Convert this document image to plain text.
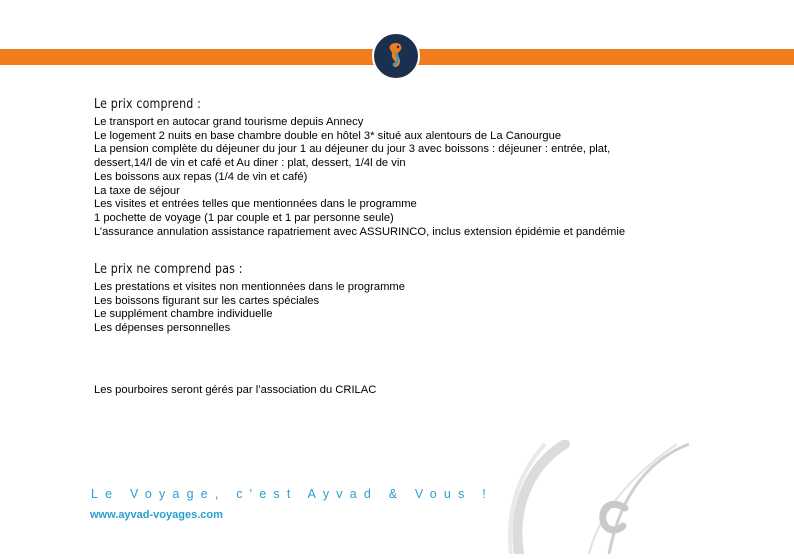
Le prix comprend :
Le transport en autocar grand tourisme depuis Annecy
Le logement 2 nuits en base chambre double en hôtel 3* situé aux alentours de La Canourgue
La pension complète du déjeuner du jour 1 au déjeuner du jour 3 avec boissons : déjeuner : entrée, plat,
dessert,14/l de vin et café et Au diner : plat, dessert, 1/4l de vin
Les boissons aux repas (1/4 de vin et café)
La taxe de séjour
Les visites et entrées telles que mentionnées dans le programme
1 pochette de voyage (1 par couple et 1 par personne seule)
L’assurance annulation assistance rapatriement avec ASSURINCO, inclus extension épidémie et pandémie
Le prix ne comprend pas :
Les prestations et visites non mentionnées dans le programme
Les boissons figurant sur les cartes spéciales
Le supplément chambre individuelle
Les dépenses personnelles
Les pourboires seront gérés par l’association du CRILAC
Le Voyage, c'est Ayvad & Vous !
www.ayvad-voyages.com
